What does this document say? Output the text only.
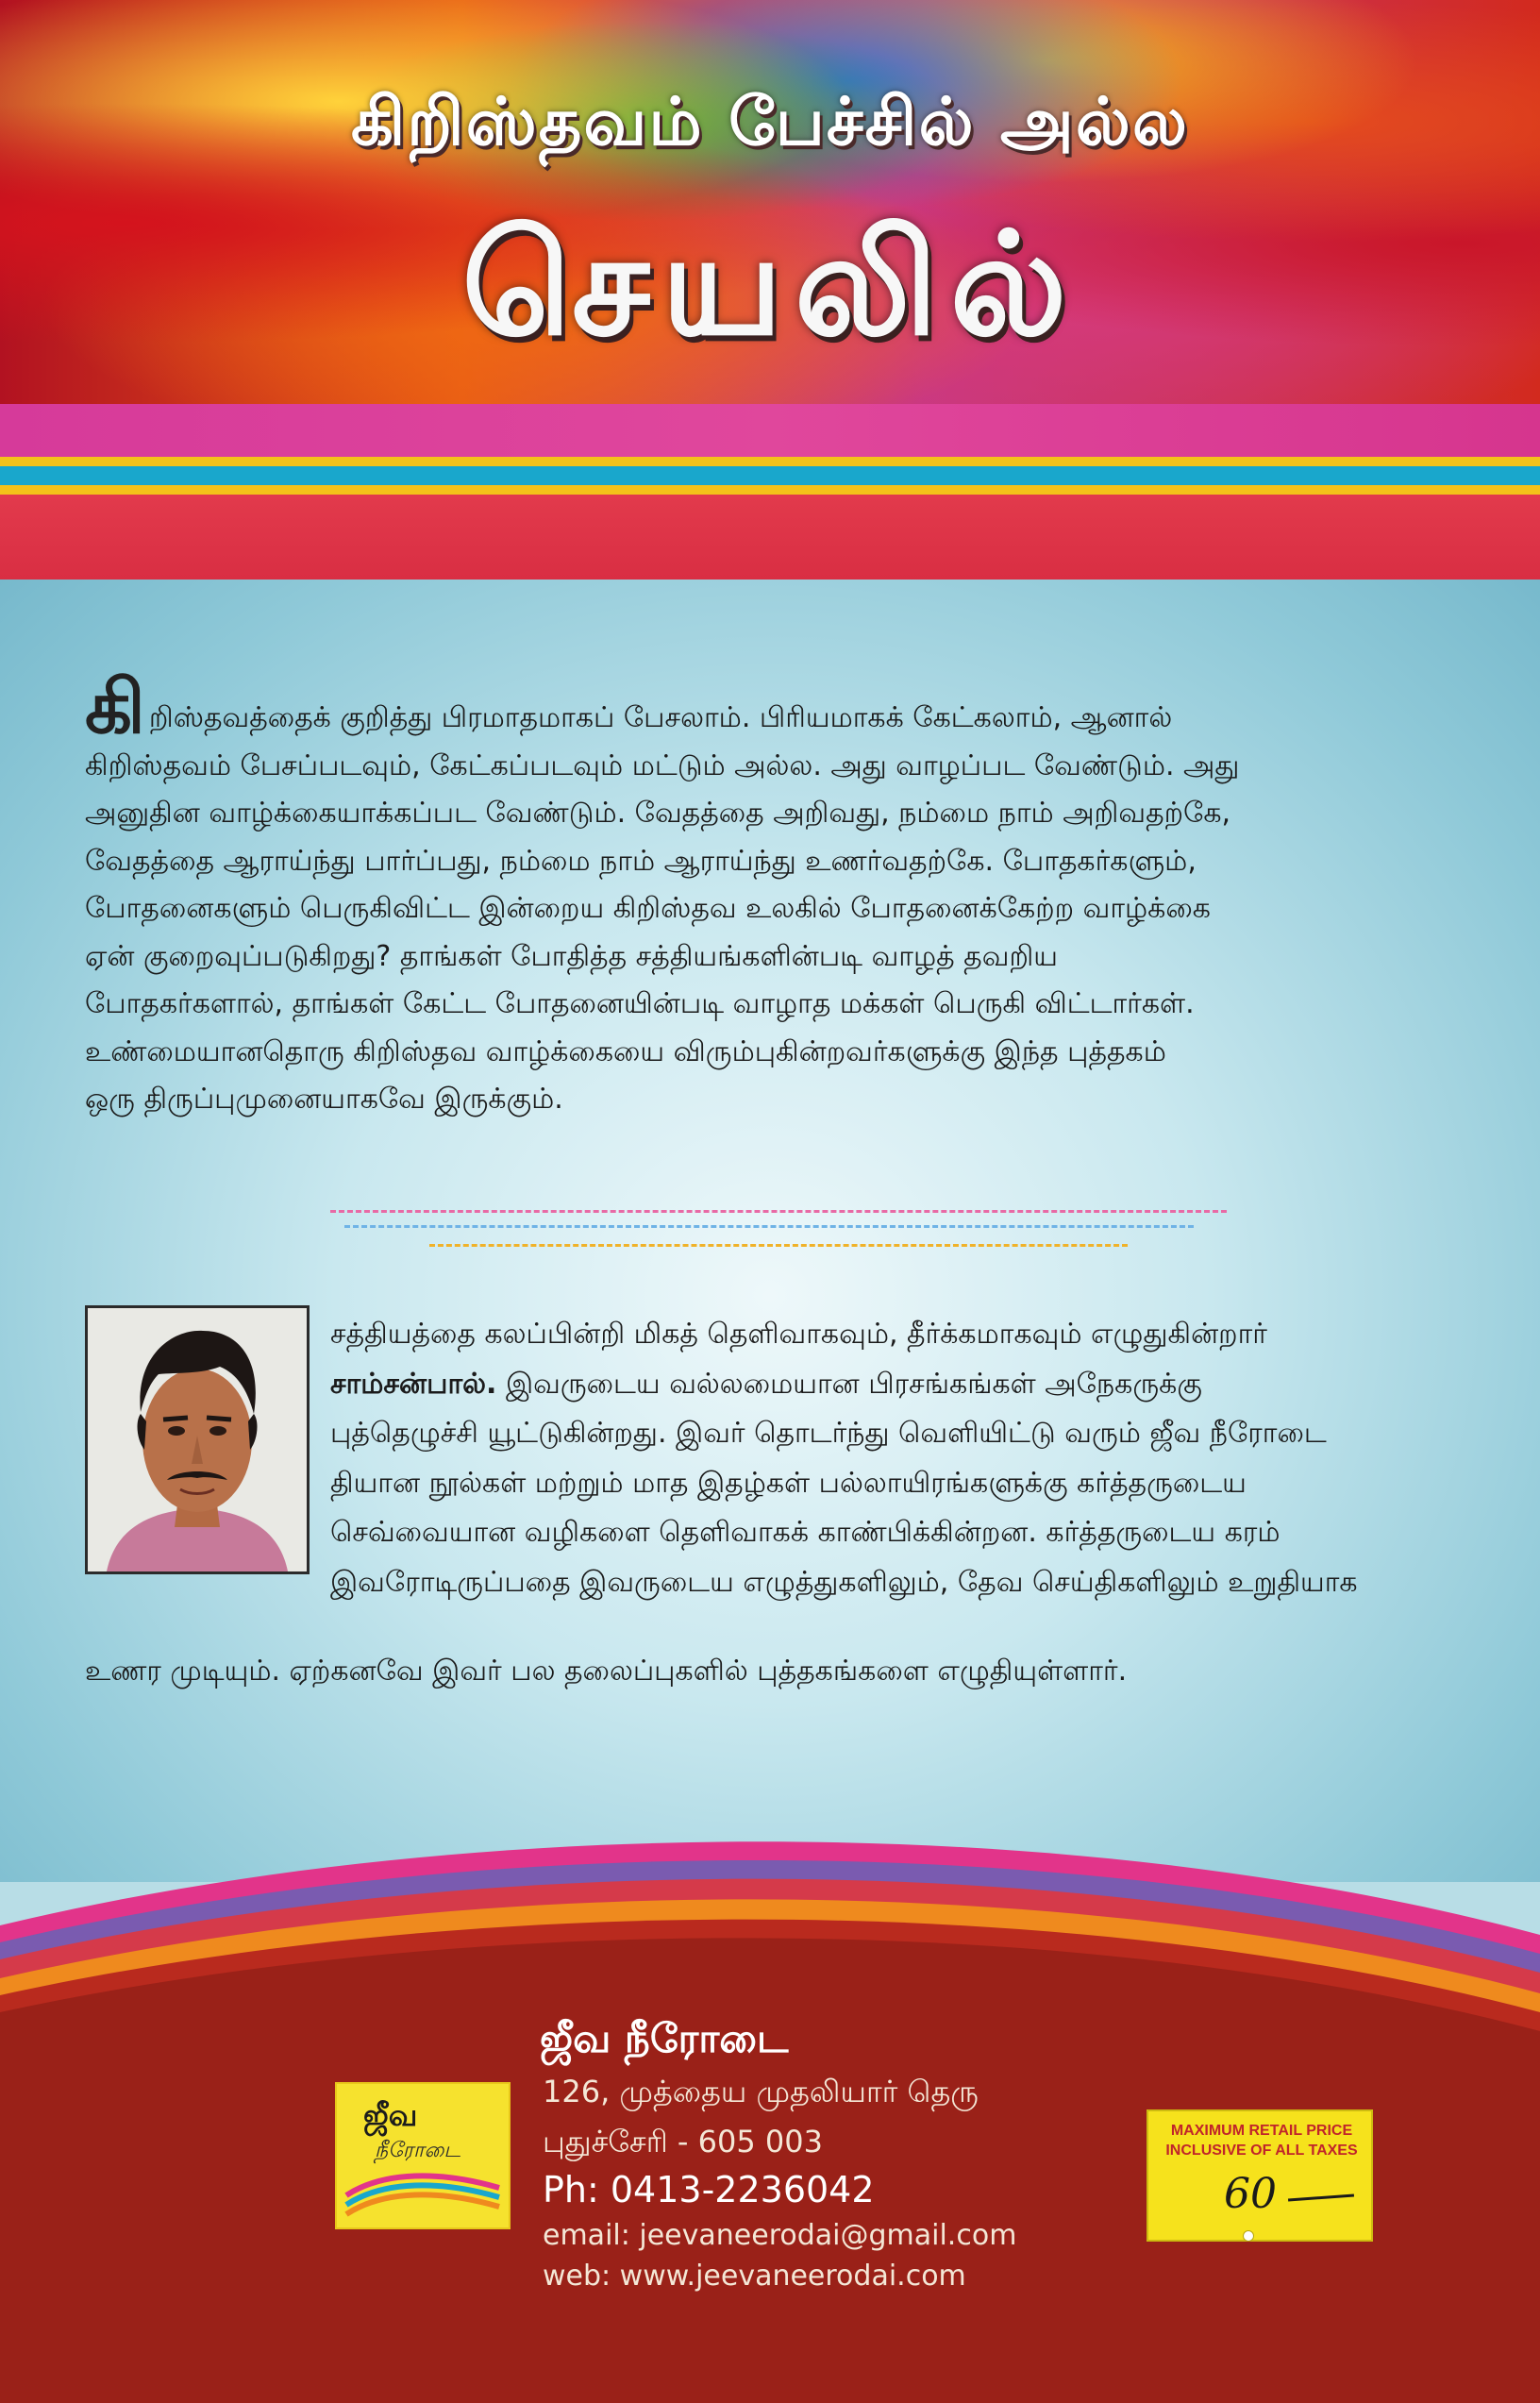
கிறிஸ்தவம் பேச்சில் அல்ல
செயலில்

கிறிஸ்தவத்தைக் குறித்து பிரமாதமாகப் பேசலாம். பிரியமாகக் கேட்கலாம், ஆனால்

கிறிஸ்தவம் பேசப்படவும், கேட்கப்படவும் மட்டும் அல்ல. அது வாழப்பட வேண்டும். அது

அனுதின வாழ்க்கையாக்கப்பட வேண்டும். வேதத்தை அறிவது, நம்மை நாம் அறிவதற்கே,

வேதத்தை ஆராய்ந்து பார்ப்பது, நம்மை நாம் ஆராய்ந்து உணர்வதற்கே. போதகர்களும்,

போதனைகளும் பெருகிவிட்ட இன்றைய கிறிஸ்தவ உலகில் போதனைக்கேற்ற வாழ்க்கை

ஏன் குறைவுப்படுகிறது? தாங்கள் போதித்த சத்தியங்களின்படி வாழத் தவறிய

போதகர்களால், தாங்கள் கேட்ட போதனையின்படி வாழாத மக்கள் பெருகி விட்டார்கள்.

உண்மையானதொரு கிறிஸ்தவ வாழ்க்கையை விரும்புகின்றவர்களுக்கு இந்த புத்தகம்

ஒரு திருப்புமுனையாகவே இருக்கும்.

சத்தியத்தை கலப்பின்றி மிகத் தெளிவாகவும், தீர்க்கமாகவும் எழுதுகின்றார்

சாம்சன்பால். இவருடைய வல்லமையான பிரசங்கங்கள் அநேகருக்கு

புத்தெழுச்சி யூட்டுகின்றது. இவர் தொடர்ந்து வெளியிட்டு வரும் ஜீவ நீரோடை

தியான நூல்கள் மற்றும் மாத இதழ்கள் பல்லாயிரங்களுக்கு கர்த்தருடைய

செவ்வையான வழிகளை தெளிவாகக் காண்பிக்கின்றன. கர்த்தருடைய கரம்

இவரோடிருப்பதை இவருடைய எழுத்துகளிலும், தேவ செய்திகளிலும் உறுதியாக

உணர முடியும். ஏற்கனவே இவர் பல தலைப்புகளில் புத்தகங்களை எழுதியுள்ளார்.
ஜீவ
நீரோடை
ஜீவ நீரோடை
126, முத்தைய முதலியார் தெரு
புதுச்சேரி - 605 003
Ph: 0413-2236042
email: jeevaneerodai@gmail.com
web: www.jeevaneerodai.com
MAXIMUM RETAIL PRICE INCLUSIVE OF ALL TAXES
60
